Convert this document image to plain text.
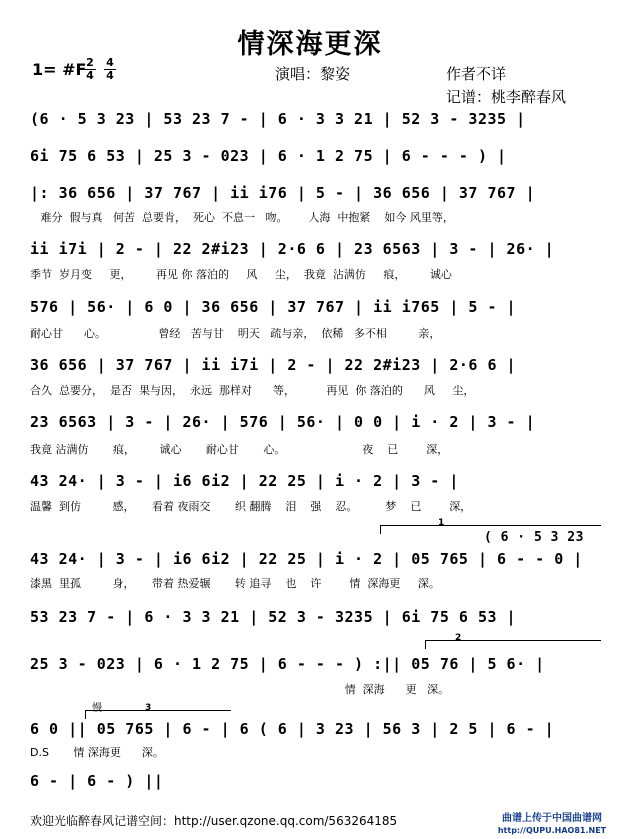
情深海更深
1= #F 2
4
4
4	演唱：黎姿	作者不详
记谱：桃李醉春风
(6 · 5 3 23 | 53 23 7 - | 6 · 3 3 21 | 52 3 - 3235 |
6i 75 6 53 | 25 3 - 023 | 6 · 1 2 75 | 6 - - - ) |
|: 36 656 | 37 767 | ii i76 | 5 - | 36 656 | 37 767 |
难分  假与真   何苦  总要肯，  死心  不息一   吻。      人海  中抱紧    如今 风里等，
ii i7i | 2 - | 22 2#i23 | 2·6 6 | 23 6563 | 3 - | 26· |
季节  岁月变     更，       再见 你 落泊的     风     尘，  我竟  沾满仿     痕，       诚心
576 | 56· | 6 0 | 36 656 | 37 767 | ii i765 | 5 - |
耐心甘      心。               曾经   苦与甘    明天   疏与亲，  依稀   多不相         亲，
36 656 | 37 767 | ii i7i | 2 - | 22 2#i23 | 2·6 6 |
合久  总要分，  是否  果与因，  永远  那样对      等，         再见  你 落泊的      风     尘，
23 6563 | 3 - | 26· | 576 | 56· | 0 0 | i · 2 | 3 - |
我竟 沾满仿       痕，       诚心       耐心甘       心。                      夜    已        深，
43 24· | 3 - | i6 6i2 | 22 25 | i · 2 | 3 - |
温馨  到仿         感，     看着 夜雨交       织 翻腾    泪    强    忍。        梦    已        深，
1
( 6 · 5 3 23
43 24· | 3 - | i6 6i2 | 22 25 | i · 2 | 05 765 | 6 - - 0 |
漆黑  里孤         身，     带着 热爱辗       转 追寻    也    许        情  深海更     深。
53 23 7 - | 6 · 3 3 21 | 52 3 - 3235 | 6i 75 6 53 |
2
25 3 - 023 | 6 · 1 2 75 | 6 - - - ) :|| 05 76 | 5 6· |
情  深海      更   深。
慢	3
6 0 || 05 765 | 6 - | 6 ( 6 | 3 23 | 56 3 | 2 5 | 6 - |
D.S       情 深海更      深。
6 - | 6 - ) ||
欢迎光临醉春风记谱空间：http://user.qzone.qq.com/563264185	曲谱上传于中国曲谱网
http://QUPU.HAO81.NET
